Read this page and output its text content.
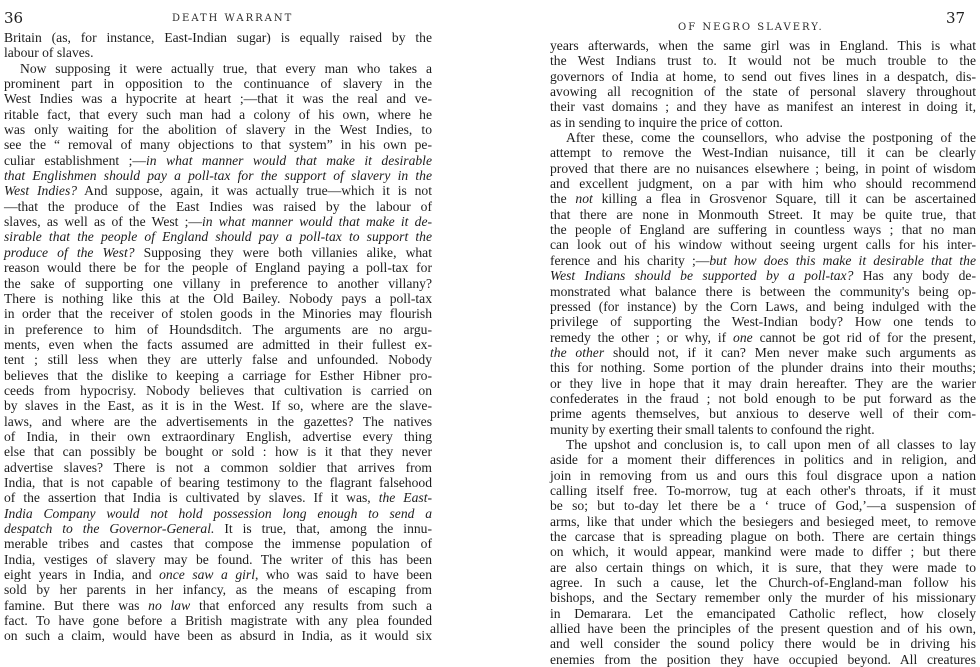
36	DEATH WARRANT
Britain (as, for instance, East-Indian sugar) is equally raised by the
labour of slaves.
Now supposing it were actually true, that every man who takes a
prominent part in opposition to the continuance of slavery in the
West Indies was a hypocrite at heart ;—that it was the real and ve-
ritable fact, that every such man had a colony of his own, where he
was only waiting for the abolition of slavery in the West Indies, to
see the “ removal of many objections to that system” in his own pe-
culiar establishment ;—in what manner would that make it desirable
that Englishmen should pay a poll-tax for the support of slavery in the
West Indies? And suppose, again, it was actually true—which it is not
—that the produce of the East Indies was raised by the labour of
slaves, as well as of the West ;—in what manner would that make it de-
sirable that the people of England should pay a poll-tax to support the
produce of the West? Supposing they were both villanies alike, what
reason would there be for the people of England paying a poll-tax for
the sake of supporting one villany in preference to another villany?
There is nothing like this at the Old Bailey. Nobody pays a poll-tax
in order that the receiver of stolen goods in the Minories may flourish
in preference to him of Houndsditch. The arguments are no argu-
ments, even when the facts assumed are admitted in their fullest ex-
tent ; still less when they are utterly false and unfounded. Nobody
believes that the dislike to keeping a carriage for Esther Hibner pro-
ceeds from hypocrisy. Nobody believes that cultivation is carried on
by slaves in the East, as it is in the West. If so, where are the slave-
laws, and where are the advertisements in the gazettes? The natives
of India, in their own extraordinary English, advertise every thing
else that can possibly be bought or sold : how is it that they never
advertise slaves? There is not a common soldier that arrives from
India, that is not capable of bearing testimony to the flagrant falsehood
of the assertion that India is cultivated by slaves. If it was, the East-
India Company would not hold possession long enough to send a
despatch to the Governor-General. It is true, that, among the innu-
merable tribes and castes that compose the immense population of
India, vestiges of slavery may be found. The writer of this has been
eight years in India, and once saw a girl, who was said to have been
sold by her parents in her infancy, as the means of escaping from
famine. But there was no law that enforced any results from such a
fact. To have gone before a British magistrate with any plea founded
on such a claim, would have been as absurd in India, as it would six
OF NEGRO SLAVERY.
37
years afterwards, when the same girl was in England. This is what
the West Indians trust to. It would not be much trouble to the
governors of India at home, to send out fives lines in a despatch, dis-
avowing all recognition of the state of personal slavery throughout
their vast domains ; and they have as manifest an interest in doing it,
as in sending to inquire the price of cotton.
After these, come the counsellors, who advise the postponing of the
attempt to remove the West-Indian nuisance, till it can be clearly
proved that there are no nuisances elsewhere ; being, in point of wisdom
and excellent judgment, on a par with him who should recommend
the not killing a flea in Grosvenor Square, till it can be ascertained
that there are none in Monmouth Street. It may be quite true, that
the people of England are suffering in countless ways ; that no man
can look out of his window without seeing urgent calls for his inter-
ference and his charity ;—but how does this make it desirable that the
West Indians should be supported by a poll-tax? Has any body de-
monstrated what balance there is between the community's being op-
pressed (for instance) by the Corn Laws, and being indulged with the
privilege of supporting the West-Indian body? How one tends to
remedy the other ; or why, if one cannot be got rid of for the present,
the other should not, if it can? Men never make such arguments as
this for nothing. Some portion of the plunder drains into their mouths;
or they live in hope that it may drain hereafter. They are the warier
confederates in the fraud ; not bold enough to be put forward as the
prime agents themselves, but anxious to deserve well of their com-
munity by exerting their small talents to confound the right.
The upshot and conclusion is, to call upon men of all classes to lay
aside for a moment their differences in politics and in religion, and
join in removing from us and ours this foul disgrace upon a nation
calling itself free. To-morrow, tug at each other's throats, if it must
be so; but to-day let there be a ‘ truce of God,’—a suspension of
arms, like that under which the besiegers and besieged meet, to remove
the carcase that is spreading plague on both. There are certain things
on which, it would appear, mankind were made to differ ; but there
are also certain things on which, it is sure, that they were made to
agree. In such a cause, let the Church-of-England-man follow his
bishops, and the Sectary remember only the murder of his missionary
in Demarara. Let the emancipated Catholic reflect, how closely
allied have been the principles of the present question and of his own,
and well consider the sound policy there would be in driving his
enemies from the position they have occupied beyond. All creatures
